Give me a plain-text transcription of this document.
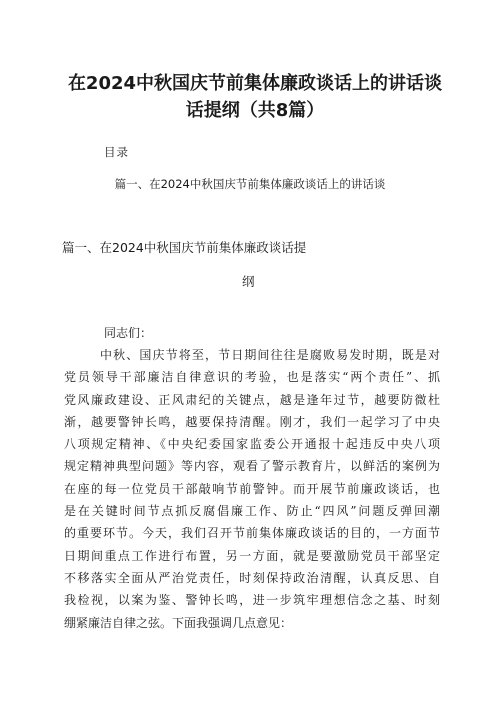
在2024中秋国庆节前集体廉政谈话上的讲话谈
话提纲（共8篇）
目录
篇一、在2024中秋国庆节前集体廉政谈话上的讲话谈
篇一、在2024中秋国庆节前集体廉政谈话提
纲
同志们：
中秋、国庆节将至，节日期间往往是腐败易发时期，既是对
党员领导干部廉洁自律意识的考验，也是落实“两个责任”、抓
党风廉政建设、正风肃纪的关键点，越是逢年过节，越要防微杜
渐，越要警钟长鸣，越要保持清醒。刚才，我们一起学习了中央
八项规定精神、《中央纪委国家监委公开通报十起违反中央八项
规定精神典型问题》等内容，观看了警示教育片，以鲜活的案例为
在座的每一位党员干部敲响节前警钟。而开展节前廉政谈话，也
是在关键时间节点抓反腐倡廉工作、防止“四风”问题反弹回潮
的重要环节。今天，我们召开节前集体廉政谈话的目的，一方面节
日期间重点工作进行布置，另一方面，就是要激励党员干部坚定
不移落实全面从严治党责任，时刻保持政治清醒，认真反思、自
我检视，以案为鉴、警钟长鸣，进一步筑牢理想信念之基、时刻
绷紧廉洁自律之弦。下面我强调几点意见：
